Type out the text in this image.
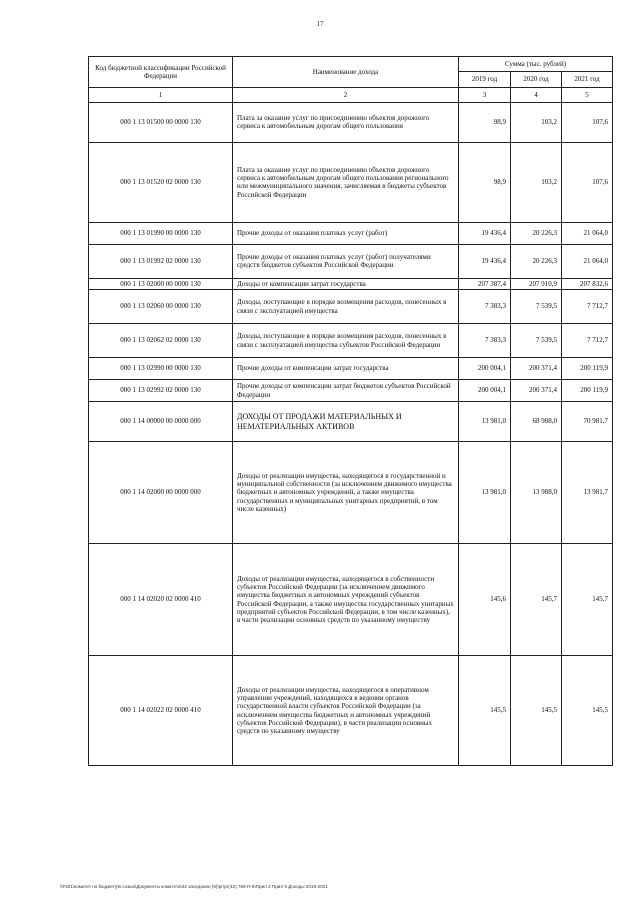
17
Код бюджетной классификации Российской Федерации	Наименование дохода	Сумма (тыс. рублей)		
		2019 год	2020 год	2021 год
1	2	3	4	5
000 1 13 01500 00 0000 130	Плата за оказание услуг по присоединению объектов дорожного сервиса к автомобильным дорогам общего пользования	98,9	103,2	107,6
000 1 13 01520 02 0000 130	Плата за оказание услуг по присоединению объектов дорожного сервиса к автомобильным дорогам общего пользования регионального или межмуниципального значения, зачисляемая в бюджеты субъектов Российской Федерации	98,9	103,2	107,6
000 1 13 01990 00 0000 130	Прочие доходы от оказания платных услуг (работ)	19 436,4	20 226,3	21 064,0
000 1 13 01992 02 0000 130	Прочие доходы от оказания платных услуг (работ) получателями средств бюджетов субъектов Российской Федерации	19 436,4	20 226,3	21 064,0
000 1 13 02000 00 0000 130	Доходы от компенсации затрат государства	207 387,4	207 910,9	207 832,6
000 1 13 02060 00 0000 130	Доходы, поступающие в порядке возмещения расходов, понесенных в связи с эксплуатацией имущества	7 383,3	7 539,5	7 712,7
000 1 13 02062 02 0000 130	Доходы, поступающие в порядке возмещения расходов, понесенных в связи с эксплуатацией имущества субъектов Российской Федерации	7 383,3	7 539,5	7 712,7
000 1 13 02990 00 0000 130	Прочие доходы от компенсации затрат государства	200 004,1	200 371,4	200 119,9
000 1 13 02992 02 0000 130	Прочие доходы от компенсации затрат бюджетов субъектов Российской Федерации	200 004,1	200 371,4	200 119,9
000 1 14 00000 00 0000 000	ДОХОДЫ ОТ ПРОДАЖИ МАТЕРИАЛЬНЫХ И НЕМАТЕРИАЛЬНЫХ АКТИВОВ	13 981,0	68 988,0	70 981,7
000 1 14 02000 00 0000 000	Доходы от реализации имущества, находящегося в государственной и муниципальной собственности (за исключением движимого имущества бюджетных и автономных учреждений, а также имущества государственных и муниципальных унитарных предприятий, в том числе казенных)	13 981,0	13 988,0	13 981,7
000 1 14 02020 02 0000 410	Доходы от реализации имущества, находящегося в собственности субъектов Российской Федерации (за исключением движимого имущества бюджетных и автономных учреждений субъектов Российской Федерации, а также имущества государственных унитарных предприятий субъектов Российской Федерации, в том числе казенных), в части реализации основных средств по указанному имуществу	145,6	145,7	145,7
000 1 14 02022 02 0000 410	Доходы от реализации имущества, находящегося в оперативном управлении учреждений, находящихся в ведении органов государственной власти субъектов Российской Федерации (за исключением имущества бюджетных и автономных учреждений субъектов Российской Федерации), в части реализации основных средств по указанному имуществу	145,5	145,5	145,5
\\Fs01\комитет по бюджету\6 созыв\Документы комитета\42 заседание (5)\рг\рг(42) 769-П-6\Прил 2 Прил 9 Доходы 2019-2021
